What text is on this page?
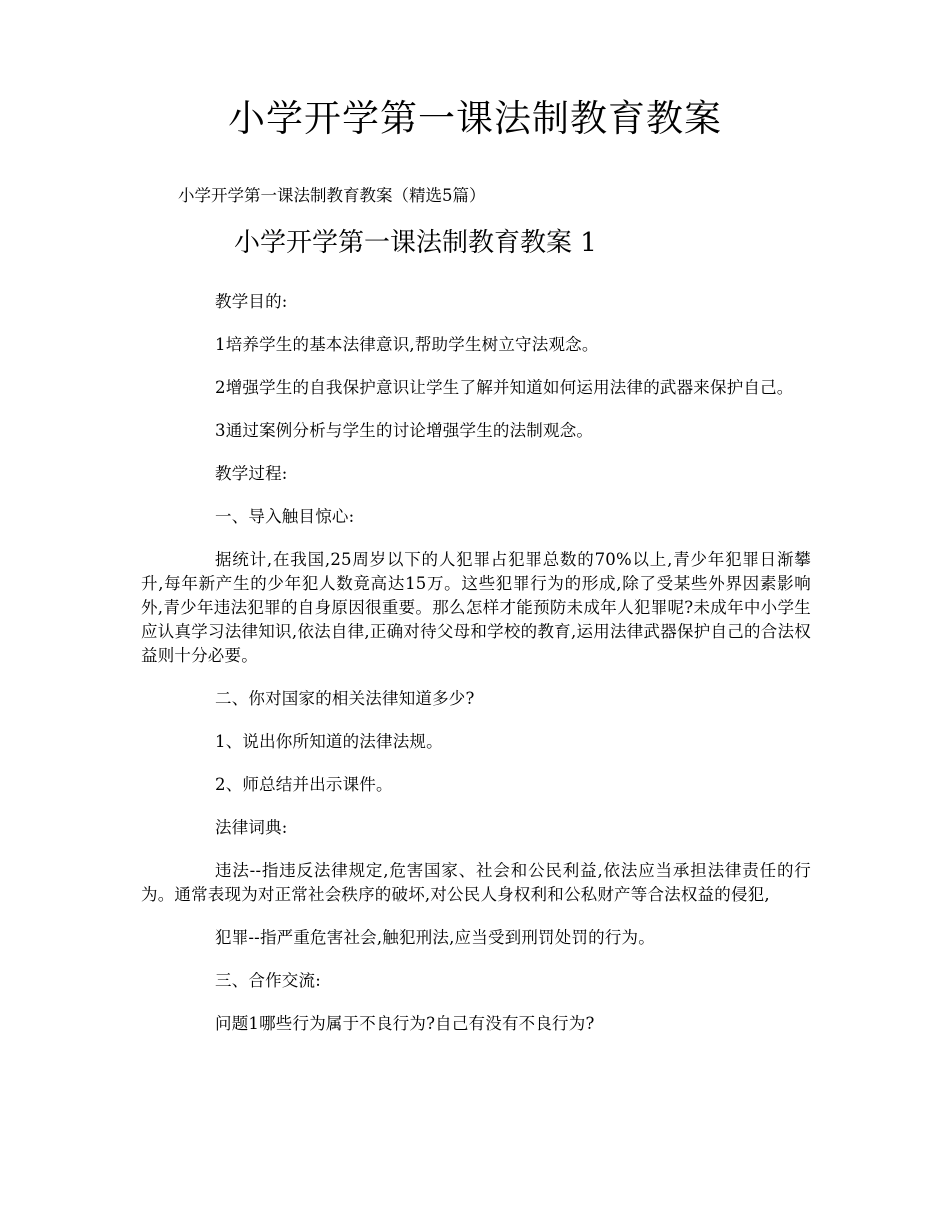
小学开学第一课法制教育教案

小学开学第一课法制教育教案（精选5篇）

小学开学第一课法制教育教案 1

教学目的:

1培养学生的基本法律意识,帮助学生树立守法观念。

2增强学生的自我保护意识让学生了解并知道如何运用法律的武器来保护自己。

3通过案例分析与学生的讨论增强学生的法制观念。

教学过程:

一、导入触目惊心:

据统计,在我国,25周岁以下的人犯罪占犯罪总数的70%以上,青少年犯罪日渐攀升,每年新产生的少年犯人数竟高达15万。这些犯罪行为的形成,除了受某些外界因素影响外,青少年违法犯罪的自身原因很重要。那么怎样才能预防未成年人犯罪呢?未成年中小学生应认真学习法律知识,依法自律,正确对待父母和学校的教育,运用法律武器保护自己的合法权益则十分必要。

二、你对国家的相关法律知道多少?

1、说出你所知道的法律法规。

2、师总结并出示课件。

法律词典:

违法--指违反法律规定,危害国家、社会和公民利益,依法应当承担法律责任的行为。通常表现为对正常社会秩序的破坏,对公民人身权利和公私财产等合法权益的侵犯,

犯罪--指严重危害社会,触犯刑法,应当受到刑罚处罚的行为。

三、合作交流:

问题1哪些行为属于不良行为?自己有没有不良行为?
